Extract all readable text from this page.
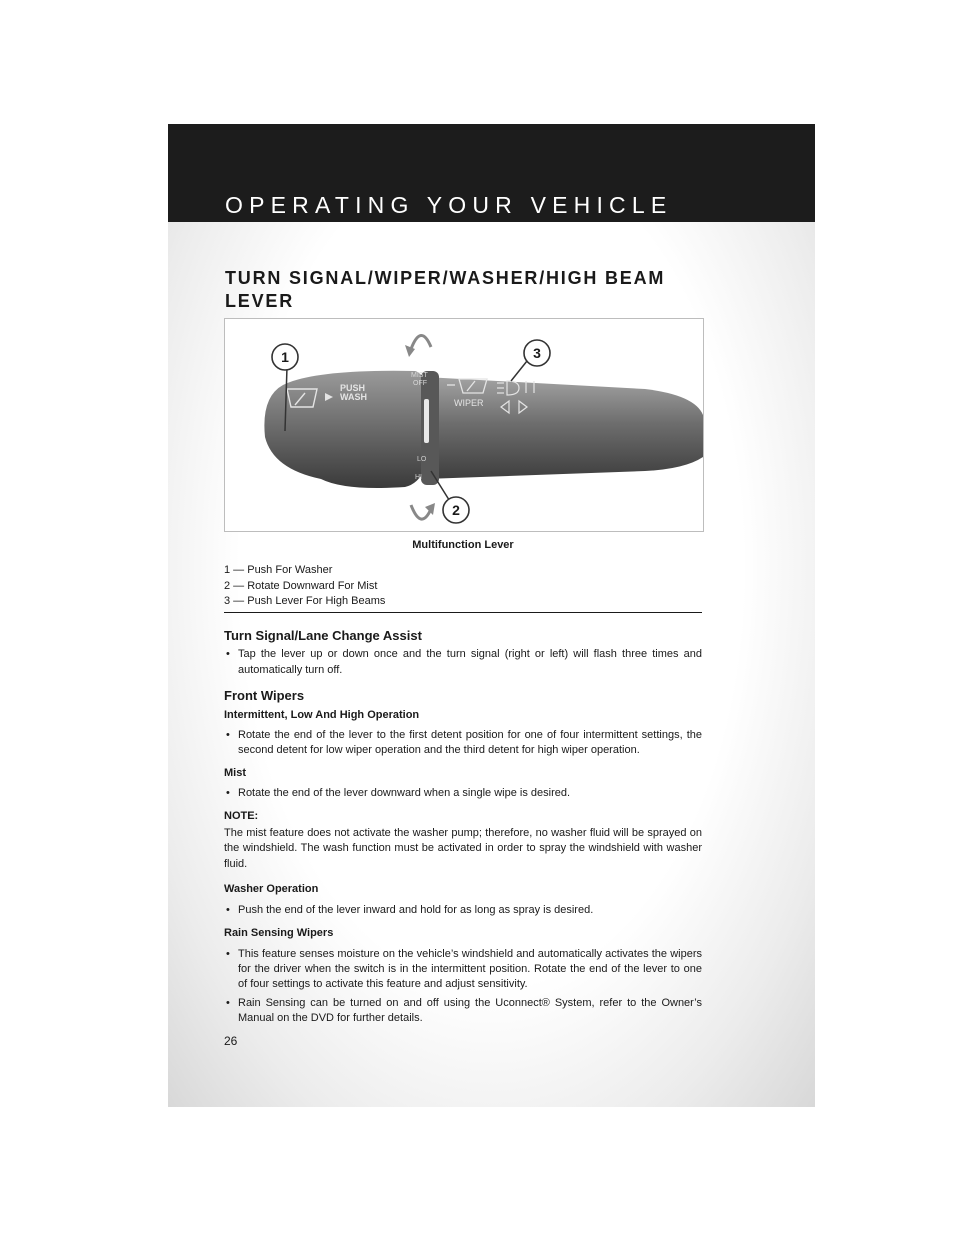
OPERATING YOUR VEHICLE
TURN SIGNAL/WIPER/WASHER/HIGH BEAM LEVER
PUSH
WASH
MIST
OFF
LO
HI
WIPER
1	3
2
Multifunction Lever
1 — Push For Washer
2 — Rotate Downward For Mist
3 — Push Lever For High Beams
Turn Signal/Lane Change Assist
• Tap the lever up or down once and the turn signal (right or left) will flash three times and automatically turn off.
Front Wipers
Intermittent, Low And High Operation
• Rotate the end of the lever to the first detent position for one of four intermittent settings, the second detent for low wiper operation and the third detent for high wiper operation.
Mist
• Rotate the end of the lever downward when a single wipe is desired.
NOTE:
The mist feature does not activate the washer pump; therefore, no washer fluid will be sprayed on the windshield. The wash function must be activated in order to spray the windshield with washer fluid.
Washer Operation
• Push the end of the lever inward and hold for as long as spray is desired.
Rain Sensing Wipers
• This feature senses moisture on the vehicle’s windshield and automatically activates the wipers for the driver when the switch is in the intermittent position. Rotate the end of the lever to one of four settings to activate this feature and adjust sensitivity.
• Rain Sensing can be turned on and off using the Uconnect® System, refer to the Owner’s Manual on the DVD for further details.
26
